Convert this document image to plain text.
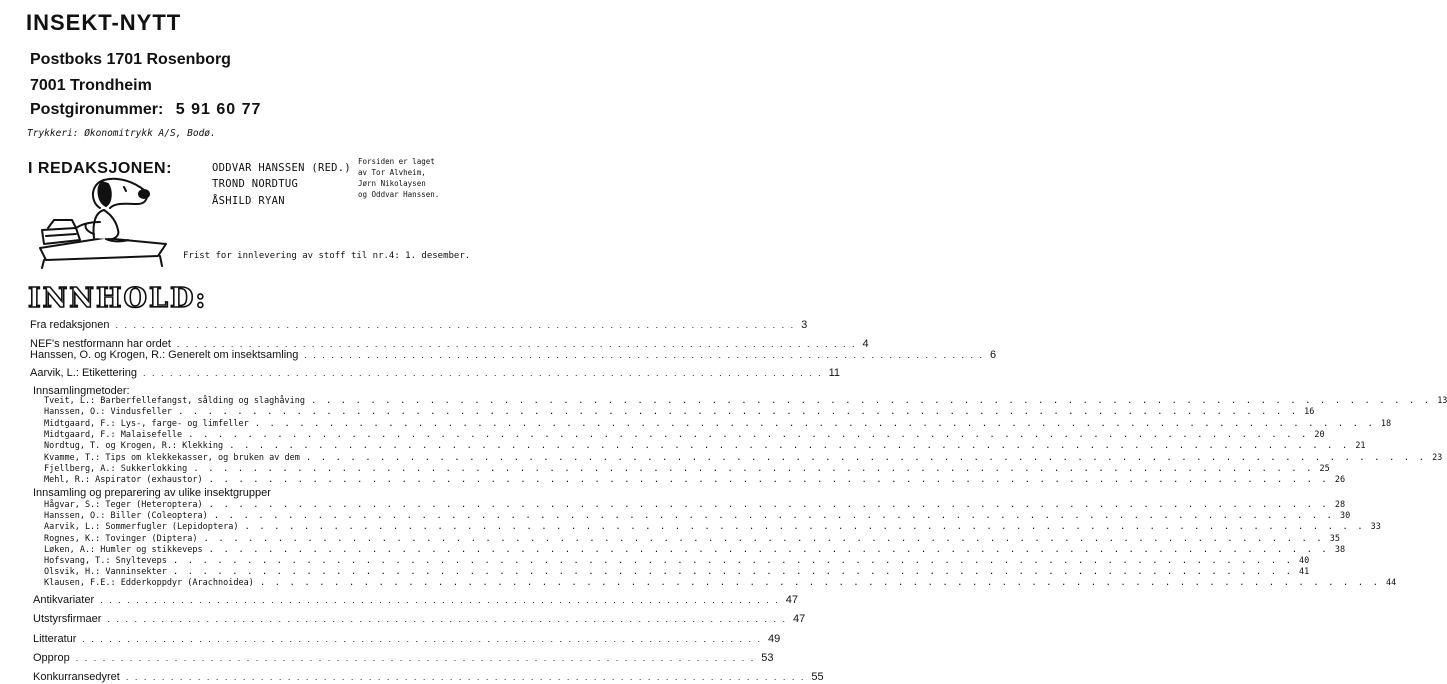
INSEKT-NYTT
Postboks 1701 Rosenborg
7001 Trondheim
Postgironummer: 5 91 60 77
Trykkeri: Økonomitrykk A/S, Bodø.
I REDAKSJONEN:	ODDVAR HANSSEN (RED.)
TROND NORDTUG
ÅSHILD RYAN
Forsiden er laget
av Tor Alvheim,
Jørn Nikolaysen
og Oddvar Hanssen.
Frist for innlevering av stoff til nr.4: 1. desember.
INNHOLD:
Fra redaksjonen . . . . . . . . . . . . . . . . . . . . . . . . . . . . . . . . . . . . . . . . . . . . . . . . . . . . . . . . . . . . . . . . . . . . . . . . . . . . 3
NEF's nestformann har ordet . . . . . . . . . . . . . . . . . . . . . . . . . . . . . . . . . . . . . . . . . . . . . . . . . . . . . . . . . . . . . . . . . . . . . . . . . . . . 4
Hanssen, O. og Krogen, R.: Generelt om insektsamling . . . . . . . . . . . . . . . . . . . . . . . . . . . . . . . . . . . . . . . . . . . . . . . . . . . . . . . . . . . . . . . . . . . . . . . . . . . . 6
Aarvik, L.: Etikettering . . . . . . . . . . . . . . . . . . . . . . . . . . . . . . . . . . . . . . . . . . . . . . . . . . . . . . . . . . . . . . . . . . . . . . . . . . . . 11
Innsamlingmetoder:
Tveit, L.: Barberfellefangst, sålding og slaghåving . . . . . . . . . . . . . . . . . . . . . . . . . . . . . . . . . . . . . . . . . . . . . . . . . . . . . . . . . . . . . . . . . . . . . . . . . . . . 13
Hanssen, O.: Vindusfeller . . . . . . . . . . . . . . . . . . . . . . . . . . . . . . . . . . . . . . . . . . . . . . . . . . . . . . . . . . . . . . . . . . . . . . . . . . . . 16
Midtgaard, F.: Lys-, farge- og limfeller . . . . . . . . . . . . . . . . . . . . . . . . . . . . . . . . . . . . . . . . . . . . . . . . . . . . . . . . . . . . . . . . . . . . . . . . . . . . 18
Midtgaard, F.: Malaisefelle . . . . . . . . . . . . . . . . . . . . . . . . . . . . . . . . . . . . . . . . . . . . . . . . . . . . . . . . . . . . . . . . . . . . . . . . . . . . 20
Nordtug, T. og Krogen, R.: Klekking . . . . . . . . . . . . . . . . . . . . . . . . . . . . . . . . . . . . . . . . . . . . . . . . . . . . . . . . . . . . . . . . . . . . . . . . . . . . 21
Kvamme, T.: Tips om klekkekasser, og bruken av dem . . . . . . . . . . . . . . . . . . . . . . . . . . . . . . . . . . . . . . . . . . . . . . . . . . . . . . . . . . . . . . . . . . . . . . . . . . . . 23
Fjellberg, A.: Sukkerlokking . . . . . . . . . . . . . . . . . . . . . . . . . . . . . . . . . . . . . . . . . . . . . . . . . . . . . . . . . . . . . . . . . . . . . . . . . . . . 25
Mehl, R.: Aspirator (exhaustor) . . . . . . . . . . . . . . . . . . . . . . . . . . . . . . . . . . . . . . . . . . . . . . . . . . . . . . . . . . . . . . . . . . . . . . . . . . . . 26
Innsamling og preparering av ulike insektgrupper
Hågvar, S.: Teger (Heteroptera) . . . . . . . . . . . . . . . . . . . . . . . . . . . . . . . . . . . . . . . . . . . . . . . . . . . . . . . . . . . . . . . . . . . . . . . . . . . . 28
Hanssen, O.: Biller (Coleoptera) . . . . . . . . . . . . . . . . . . . . . . . . . . . . . . . . . . . . . . . . . . . . . . . . . . . . . . . . . . . . . . . . . . . . . . . . . . . . 30
Aarvik, L.: Sommerfugler (Lepidoptera) . . . . . . . . . . . . . . . . . . . . . . . . . . . . . . . . . . . . . . . . . . . . . . . . . . . . . . . . . . . . . . . . . . . . . . . . . . . . 33
Rognes, K.: Tovinger (Diptera) . . . . . . . . . . . . . . . . . . . . . . . . . . . . . . . . . . . . . . . . . . . . . . . . . . . . . . . . . . . . . . . . . . . . . . . . . . . . 35
Løken, A.: Humler og stikkeveps . . . . . . . . . . . . . . . . . . . . . . . . . . . . . . . . . . . . . . . . . . . . . . . . . . . . . . . . . . . . . . . . . . . . . . . . . . . . 38
Hofsvang, T.: Snylteveps . . . . . . . . . . . . . . . . . . . . . . . . . . . . . . . . . . . . . . . . . . . . . . . . . . . . . . . . . . . . . . . . . . . . . . . . . . . . 40
Olsvik, H.: Vanninsekter . . . . . . . . . . . . . . . . . . . . . . . . . . . . . . . . . . . . . . . . . . . . . . . . . . . . . . . . . . . . . . . . . . . . . . . . . . . . 41
Klausen, F.E.: Edderkoppdyr (Arachnoidea) . . . . . . . . . . . . . . . . . . . . . . . . . . . . . . . . . . . . . . . . . . . . . . . . . . . . . . . . . . . . . . . . . . . . . . . . . . . . 44
Antikvariater . . . . . . . . . . . . . . . . . . . . . . . . . . . . . . . . . . . . . . . . . . . . . . . . . . . . . . . . . . . . . . . . . . . . . . . . . . . . 47
Utstyrsfirmaer . . . . . . . . . . . . . . . . . . . . . . . . . . . . . . . . . . . . . . . . . . . . . . . . . . . . . . . . . . . . . . . . . . . . . . . . . . . . 47
Litteratur . . . . . . . . . . . . . . . . . . . . . . . . . . . . . . . . . . . . . . . . . . . . . . . . . . . . . . . . . . . . . . . . . . . . . . . . . . . . 49
Opprop . . . . . . . . . . . . . . . . . . . . . . . . . . . . . . . . . . . . . . . . . . . . . . . . . . . . . . . . . . . . . . . . . . . . . . . . . . . . 53
Konkurransedyret . . . . . . . . . . . . . . . . . . . . . . . . . . . . . . . . . . . . . . . . . . . . . . . . . . . . . . . . . . . . . . . . . . . . . . . . . . . . 55
